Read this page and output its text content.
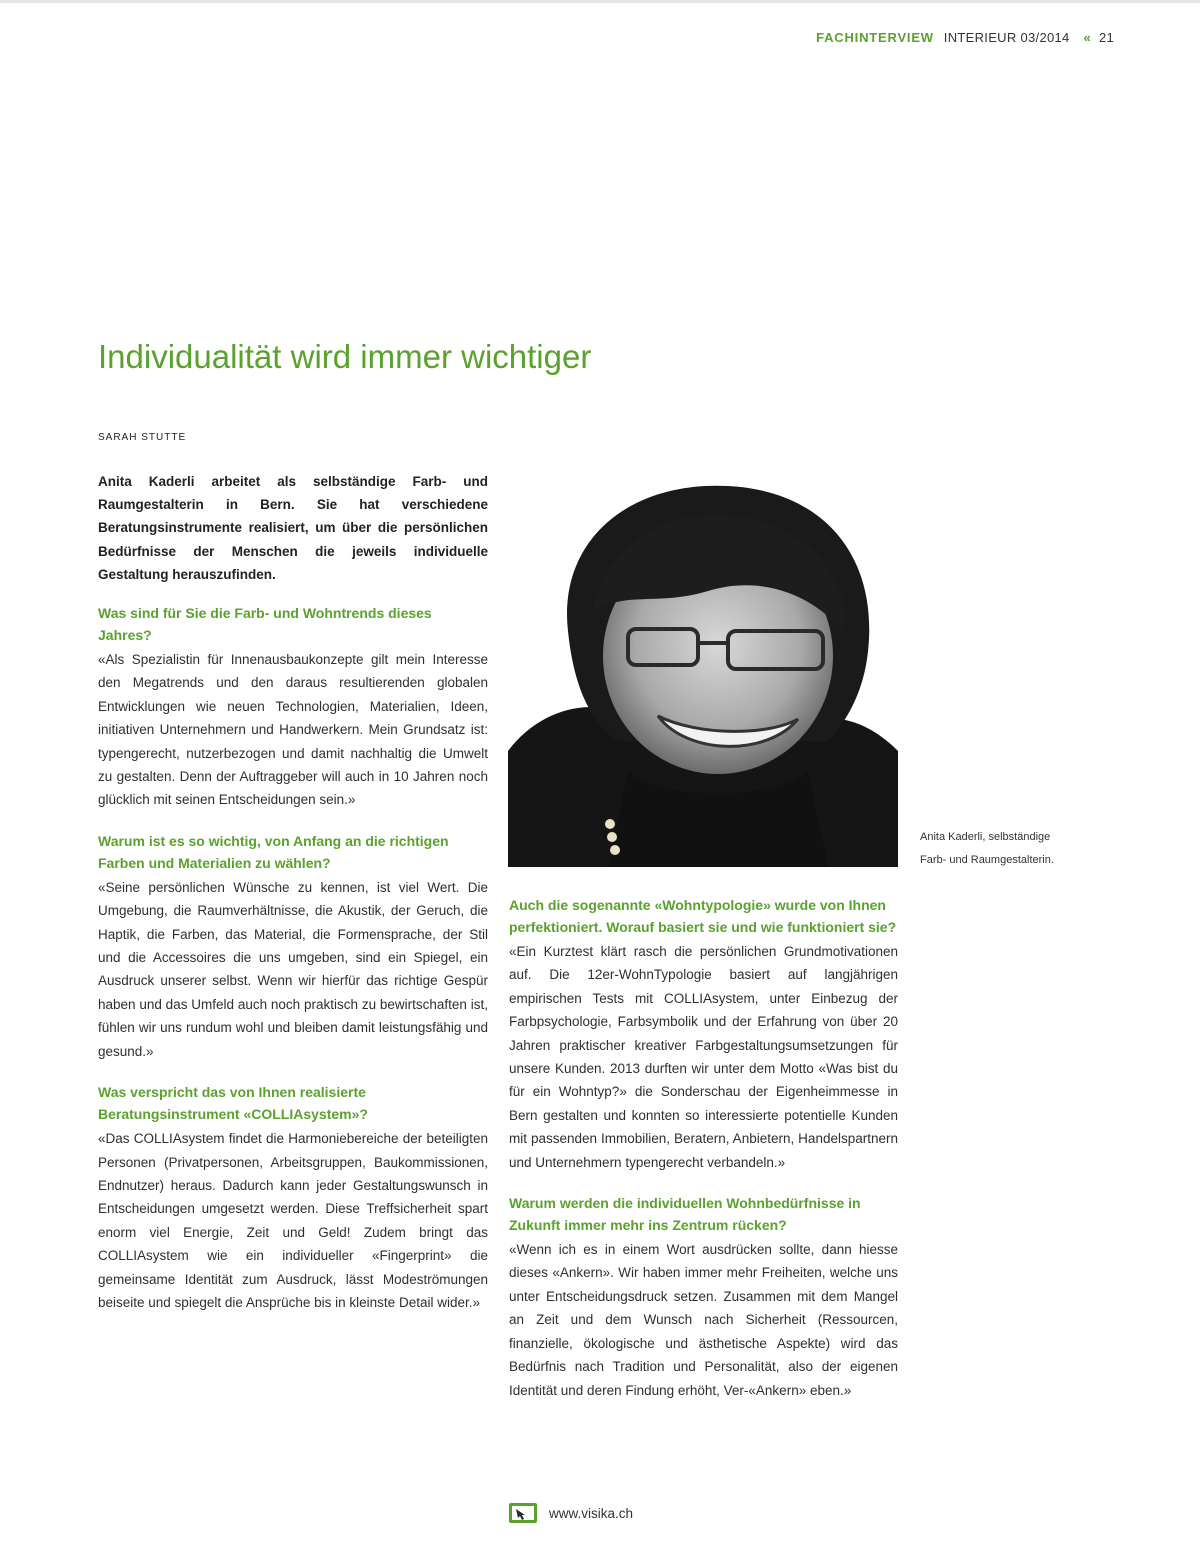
FACHINTERVIEW INTERIEUR 03/2014 « 21
Individualität wird immer wichtiger
SARAH STUTTE

Anita Kaderli arbeitet als selbständige Farb- und Raumgestalterin in Bern. Sie hat verschiedene Beratungsinstrumente realisiert, um über die persönlichen Bedürfnisse der Menschen die jeweils individuelle Gestaltung herauszufinden.

Was sind für Sie die Farb- und Wohntrends dieses Jahres?

«Als Spezialistin für Innenausbaukonzepte gilt mein Interesse den Megatrends und den daraus resultierenden globalen Entwicklungen wie neuen Technologien, Materialien, Ideen, initiativen Unternehmern und Handwerkern. Mein Grundsatz ist: typengerecht, nutzerbezogen und damit nachhaltig die Umwelt zu gestalten. Denn der Auftraggeber will auch in 10 Jahren noch glücklich mit seinen Entscheidungen sein.»

Warum ist es so wichtig, von Anfang an die richtigen Farben und Materialien zu wählen?

«Seine persönlichen Wünsche zu kennen, ist viel Wert. Die Umgebung, die Raumverhältnisse, die Akustik, der Geruch, die Haptik, die Farben, das Material, die Formensprache, der Stil und die Accessoires die uns umgeben, sind ein Spiegel, ein Ausdruck unserer selbst. Wenn wir hierfür das richtige Gespür haben und das Umfeld auch noch praktisch zu bewirtschaften ist, fühlen wir uns rundum wohl und bleiben damit leistungsfähig und gesund.»

Was verspricht das von Ihnen realisierte Beratungsinstrument «COLLIAsystem»?

«Das COLLIAsystem findet die Harmoniebereiche der beteiligten Personen (Privatpersonen, Arbeitsgruppen, Baukommissionen, Endnutzer) heraus. Dadurch kann jeder Gestaltungswunsch in Entscheidungen umgesetzt werden. Diese Treffsicherheit spart enorm viel Energie, Zeit und Geld! Zudem bringt das COLLIAsystem wie ein individueller «Fingerprint» die gemeinsame Identität zum Ausdruck, lässt Modeströmungen beiseite und spiegelt die Ansprüche bis in kleinste Detail wider.»

Anita Kaderli, selbständige
Farb- und Raumgestalterin.

Auch die sogenannte «Wohntypologie» wurde von Ihnen perfektioniert. Worauf basiert sie und wie funktioniert sie?

«Ein Kurztest klärt rasch die persönlichen Grundmotivationen auf. Die 12er-WohnTypologie basiert auf langjährigen empirischen Tests mit COLLIAsystem, unter Einbezug der Farbpsychologie, Farbsymbolik und der Erfahrung von über 20 Jahren praktischer kreativer Farbgestaltungsumsetzungen für unsere Kunden. 2013 durften wir unter dem Motto «Was bist du für ein Wohntyp?» die Sonderschau der Eigenheimmesse in Bern gestalten und konnten so interessierte potentielle Kunden mit passenden Immobilien, Beratern, Anbietern, Handelspartnern und Unternehmern typengerecht verbandeln.»

Warum werden die individuellen Wohnbedürfnisse in Zukunft immer mehr ins Zentrum rücken?

«Wenn ich es in einem Wort ausdrücken sollte, dann hiesse dieses «Ankern». Wir haben immer mehr Freiheiten, welche uns unter Entscheidungsdruck setzen. Zusammen mit dem Mangel an Zeit und dem Wunsch nach Sicherheit (Ressourcen, finanzielle, ökologische und ästhetische Aspekte) wird das Bedürfnis nach Tradition und Personalität, also der eigenen Identität und deren Findung erhöht, Ver-«Ankern» eben.»

www.visika.ch
